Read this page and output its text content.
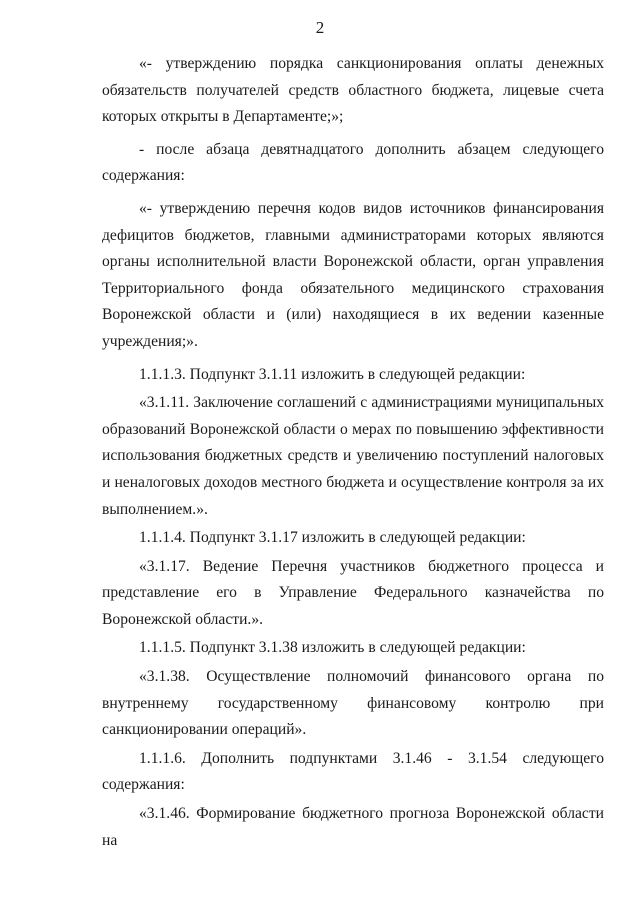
2

«- утверждению порядка санкционирования оплаты денежных обязательств получателей средств областного бюджета, лицевые счета которых открыты в Департаменте;»;

- после абзаца девятнадцатого дополнить абзацем следующего содержания:

«- утверждению перечня кодов видов источников финансирования дефицитов бюджетов, главными администраторами которых являются органы исполнительной власти Воронежской области, орган управления Территориального фонда обязательного медицинского страхования Воронежской области и (или) находящиеся в их ведении казенные учреждения;».

1.1.1.3. Подпункт 3.1.11 изложить в следующей редакции:

«3.1.11. Заключение соглашений с администрациями муниципальных образований Воронежской области о мерах по повышению эффективности использования бюджетных средств и увеличению поступлений налоговых и неналоговых доходов местного бюджета и осуществление контроля за их выполнением.».

1.1.1.4. Подпункт 3.1.17 изложить в следующей редакции:

«3.1.17. Ведение Перечня участников бюджетного процесса и представление его в Управление Федерального казначейства по Воронежской области.».

1.1.1.5. Подпункт 3.1.38 изложить в следующей редакции:

«3.1.38. Осуществление полномочий финансового органа по внутреннему государственному финансовому контролю при санкционировании операций».

1.1.1.6. Дополнить подпунктами 3.1.46 - 3.1.54 следующего содержания:

«3.1.46. Формирование бюджетного прогноза Воронежской области на
